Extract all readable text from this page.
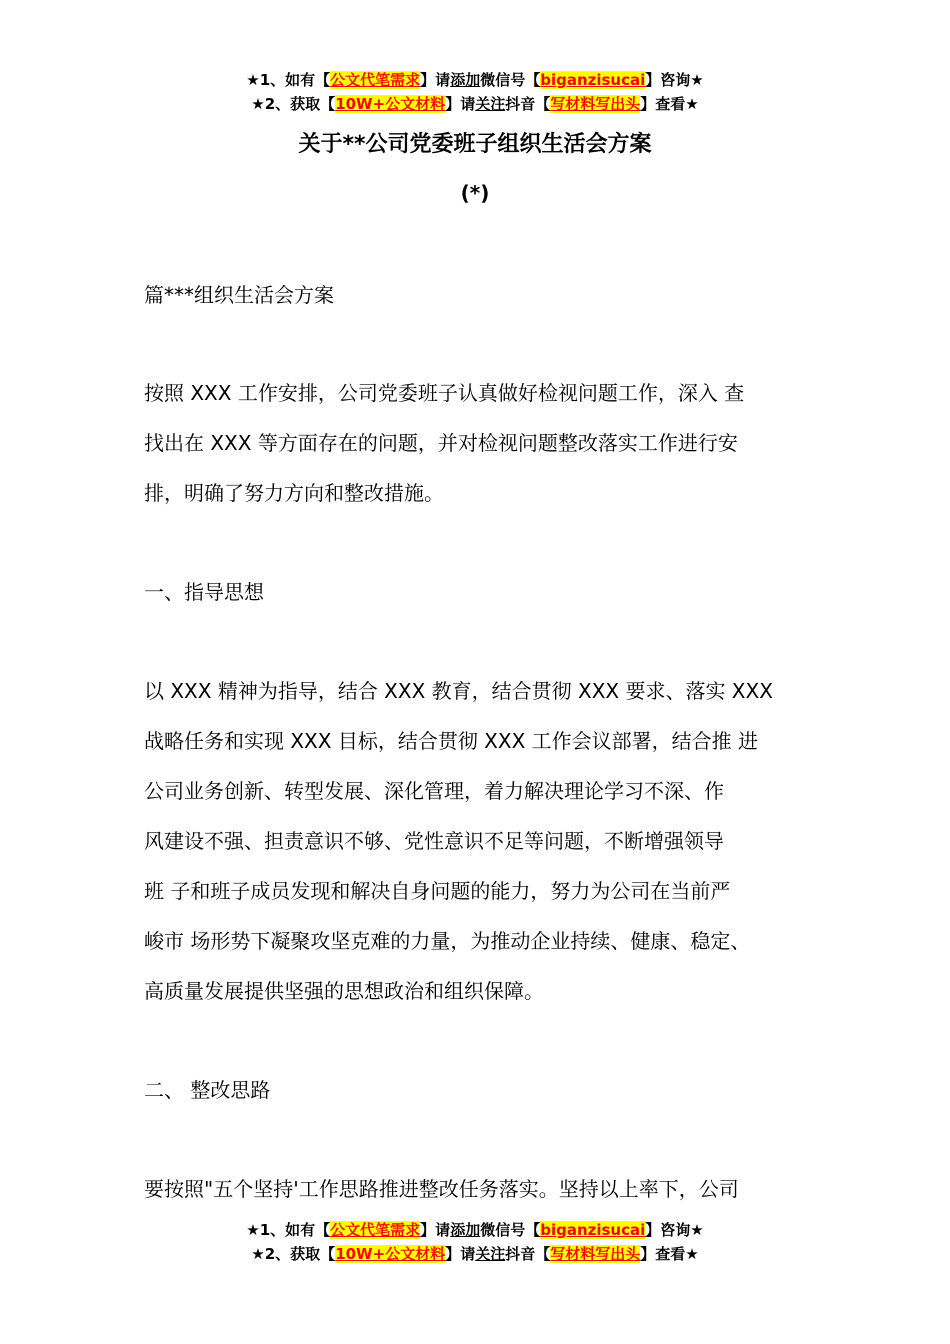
★1、如有【公文代笔需求】请添加微信号【biganzisucai】咨询★
★2、获取【10W+公文材料】请关注抖音【写材料写出头】查看★
关于**公司党委班子组织生活会方案
(*)
篇***组织生活会方案
按照 XXX 工作安排，公司党委班子认真做好检视问题工作，深入 查
找出在 XXX 等方面存在的问题，并对检视问题整改落实工作进行安
排，明确了努力方向和整改措施。
一、指导思想
以 XXX 精神为指导，结合 XXX 教育，结合贯彻 XXX 要求、落实 XXX
战略任务和实现 XXX 目标，结合贯彻 XXX 工作会议部署，结合推 进
公司业务创新、转型发展、深化管理，着力解决理论学习不深、作
风建设不强、担责意识不够、党性意识不足等问题，不断增强领导
班 子和班子成员发现和解决自身问题的能力，努力为公司在当前严
峻市 场形势下凝聚攻坚克难的力量，为推动企业持续、健康、稳定、
高质量发展提供坚强的思想政治和组织保障。
二、 整改思路
要按照"五个坚持'工作思路推进整改任务落实。坚持以上率下，公司
★1、如有【公文代笔需求】请添加微信号【biganzisucai】咨询★
★2、获取【10W+公文材料】请关注抖音【写材料写出头】查看★
